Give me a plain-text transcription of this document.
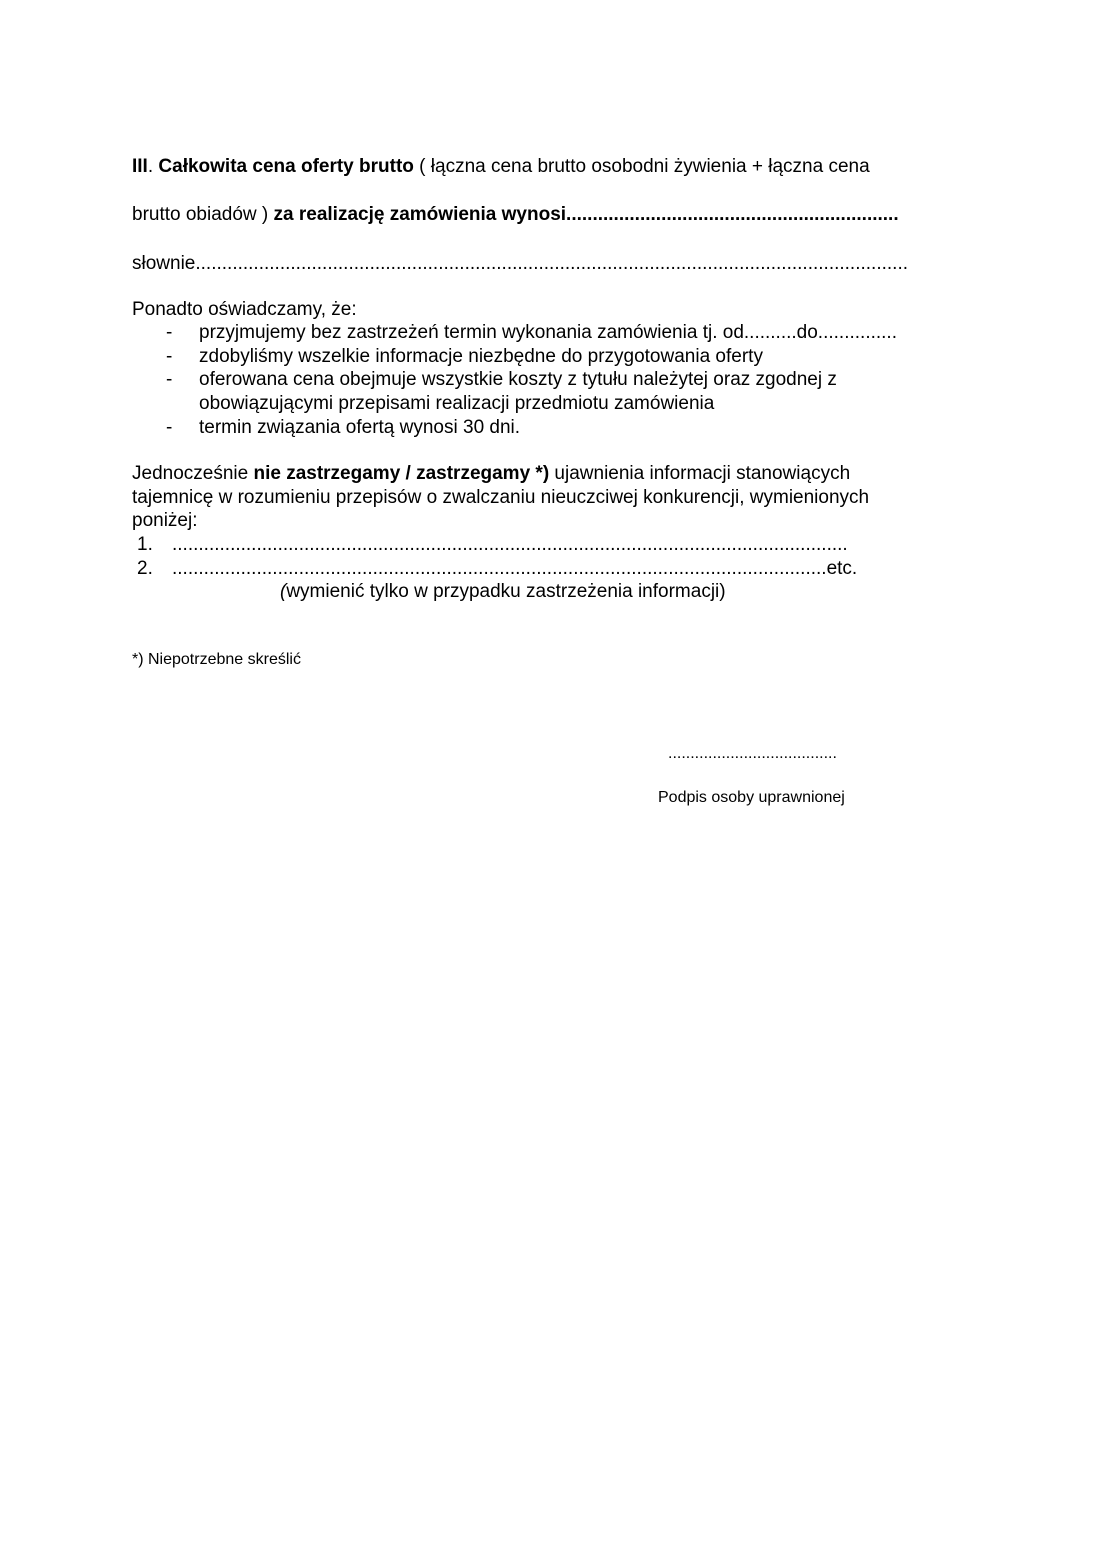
III. Całkowita cena oferty brutto ( łączna cena brutto osobodni żywienia + łączna cena
brutto obiadów ) za realizację zamówienia wynosi...............................................................
słownie.......................................................................................................................................
Ponadto oświadczamy, że:
- przyjmujemy bez zastrzeżeń termin wykonania zamówienia tj. od..........do...............
- zdobyliśmy wszelkie informacje niezbędne do przygotowania oferty
- oferowana cena obejmuje wszystkie koszty z tytułu należytej oraz zgodnej z
obowiązującymi przepisami realizacji przedmiotu zamówienia
- termin związania ofertą wynosi 30 dni.
Jednocześnie nie zastrzegamy / zastrzegamy *) ujawnienia informacji stanowiących
tajemnicę w rozumieniu przepisów o zwalczaniu nieuczciwej konkurencji, wymienionych
poniżej:
1. ................................................................................................................................
2. ............................................................................................................................etc.
(wymienić tylko w przypadku zastrzeżenia informacji)
*) Niepotrzebne skreślić
......................................
Podpis osoby uprawnionej
